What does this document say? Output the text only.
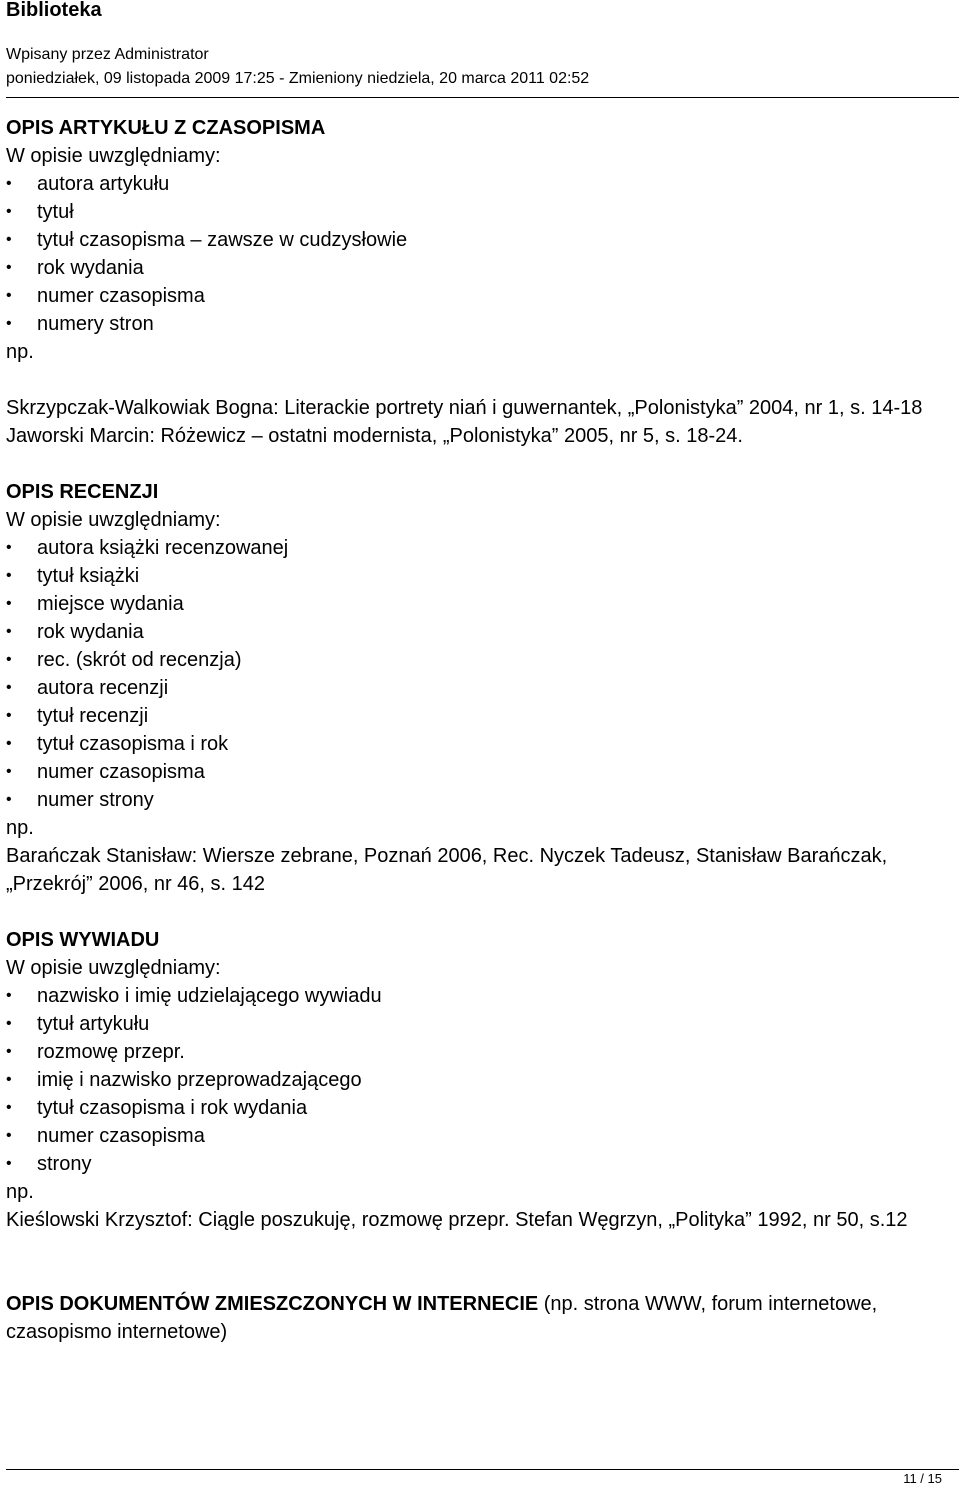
Biblioteka
Wpisany przez Administrator
poniedziałek, 09 listopada 2009 17:25 - Zmieniony niedziela, 20 marca 2011 02:52

OPIS ARTYKUŁU Z CZASOPISMA

W opisie uwzględniamy:

• autora artykułu
• tytuł
• tytuł czasopisma – zawsze w cudzysłowie
• rok wydania
• numer czasopisma
• numery stron

np.

Skrzypczak-Walkowiak Bogna: Literackie portrety niań i guwernantek, „Polonistyka” 2004, nr 1, s. 14-18

Jaworski Marcin: Różewicz – ostatni modernista, „Polonistyka” 2005, nr 5, s. 18-24.

OPIS RECENZJI

W opisie uwzględniamy:

• autora książki recenzowanej
• tytuł książki
• miejsce wydania
• rok wydania
• rec. (skrót od recenzja)
• autora recenzji
• tytuł recenzji
• tytuł czasopisma i rok
• numer czasopisma
• numer strony

np.

Barańczak Stanisław: Wiersze zebrane, Poznań 2006, Rec. Nyczek Tadeusz, Stanisław Barańczak, „Przekrój” 2006, nr 46, s. 142

OPIS WYWIADU

W opisie uwzględniamy:

• nazwisko i imię udzielającego wywiadu
• tytuł artykułu
• rozmowę przepr.
• imię i nazwisko przeprowadzającego
• tytuł czasopisma i rok wydania
• numer czasopisma
• strony

np.

Kieślowski Krzysztof: Ciągle poszukuję, rozmowę przepr. Stefan Węgrzyn, „Polityka” 1992, nr 50, s.12

OPIS DOKUMENTÓW ZMIESZCZONYCH W INTERNECIE (np. strona WWW, forum internetowe, czasopismo internetowe)

11 / 15
